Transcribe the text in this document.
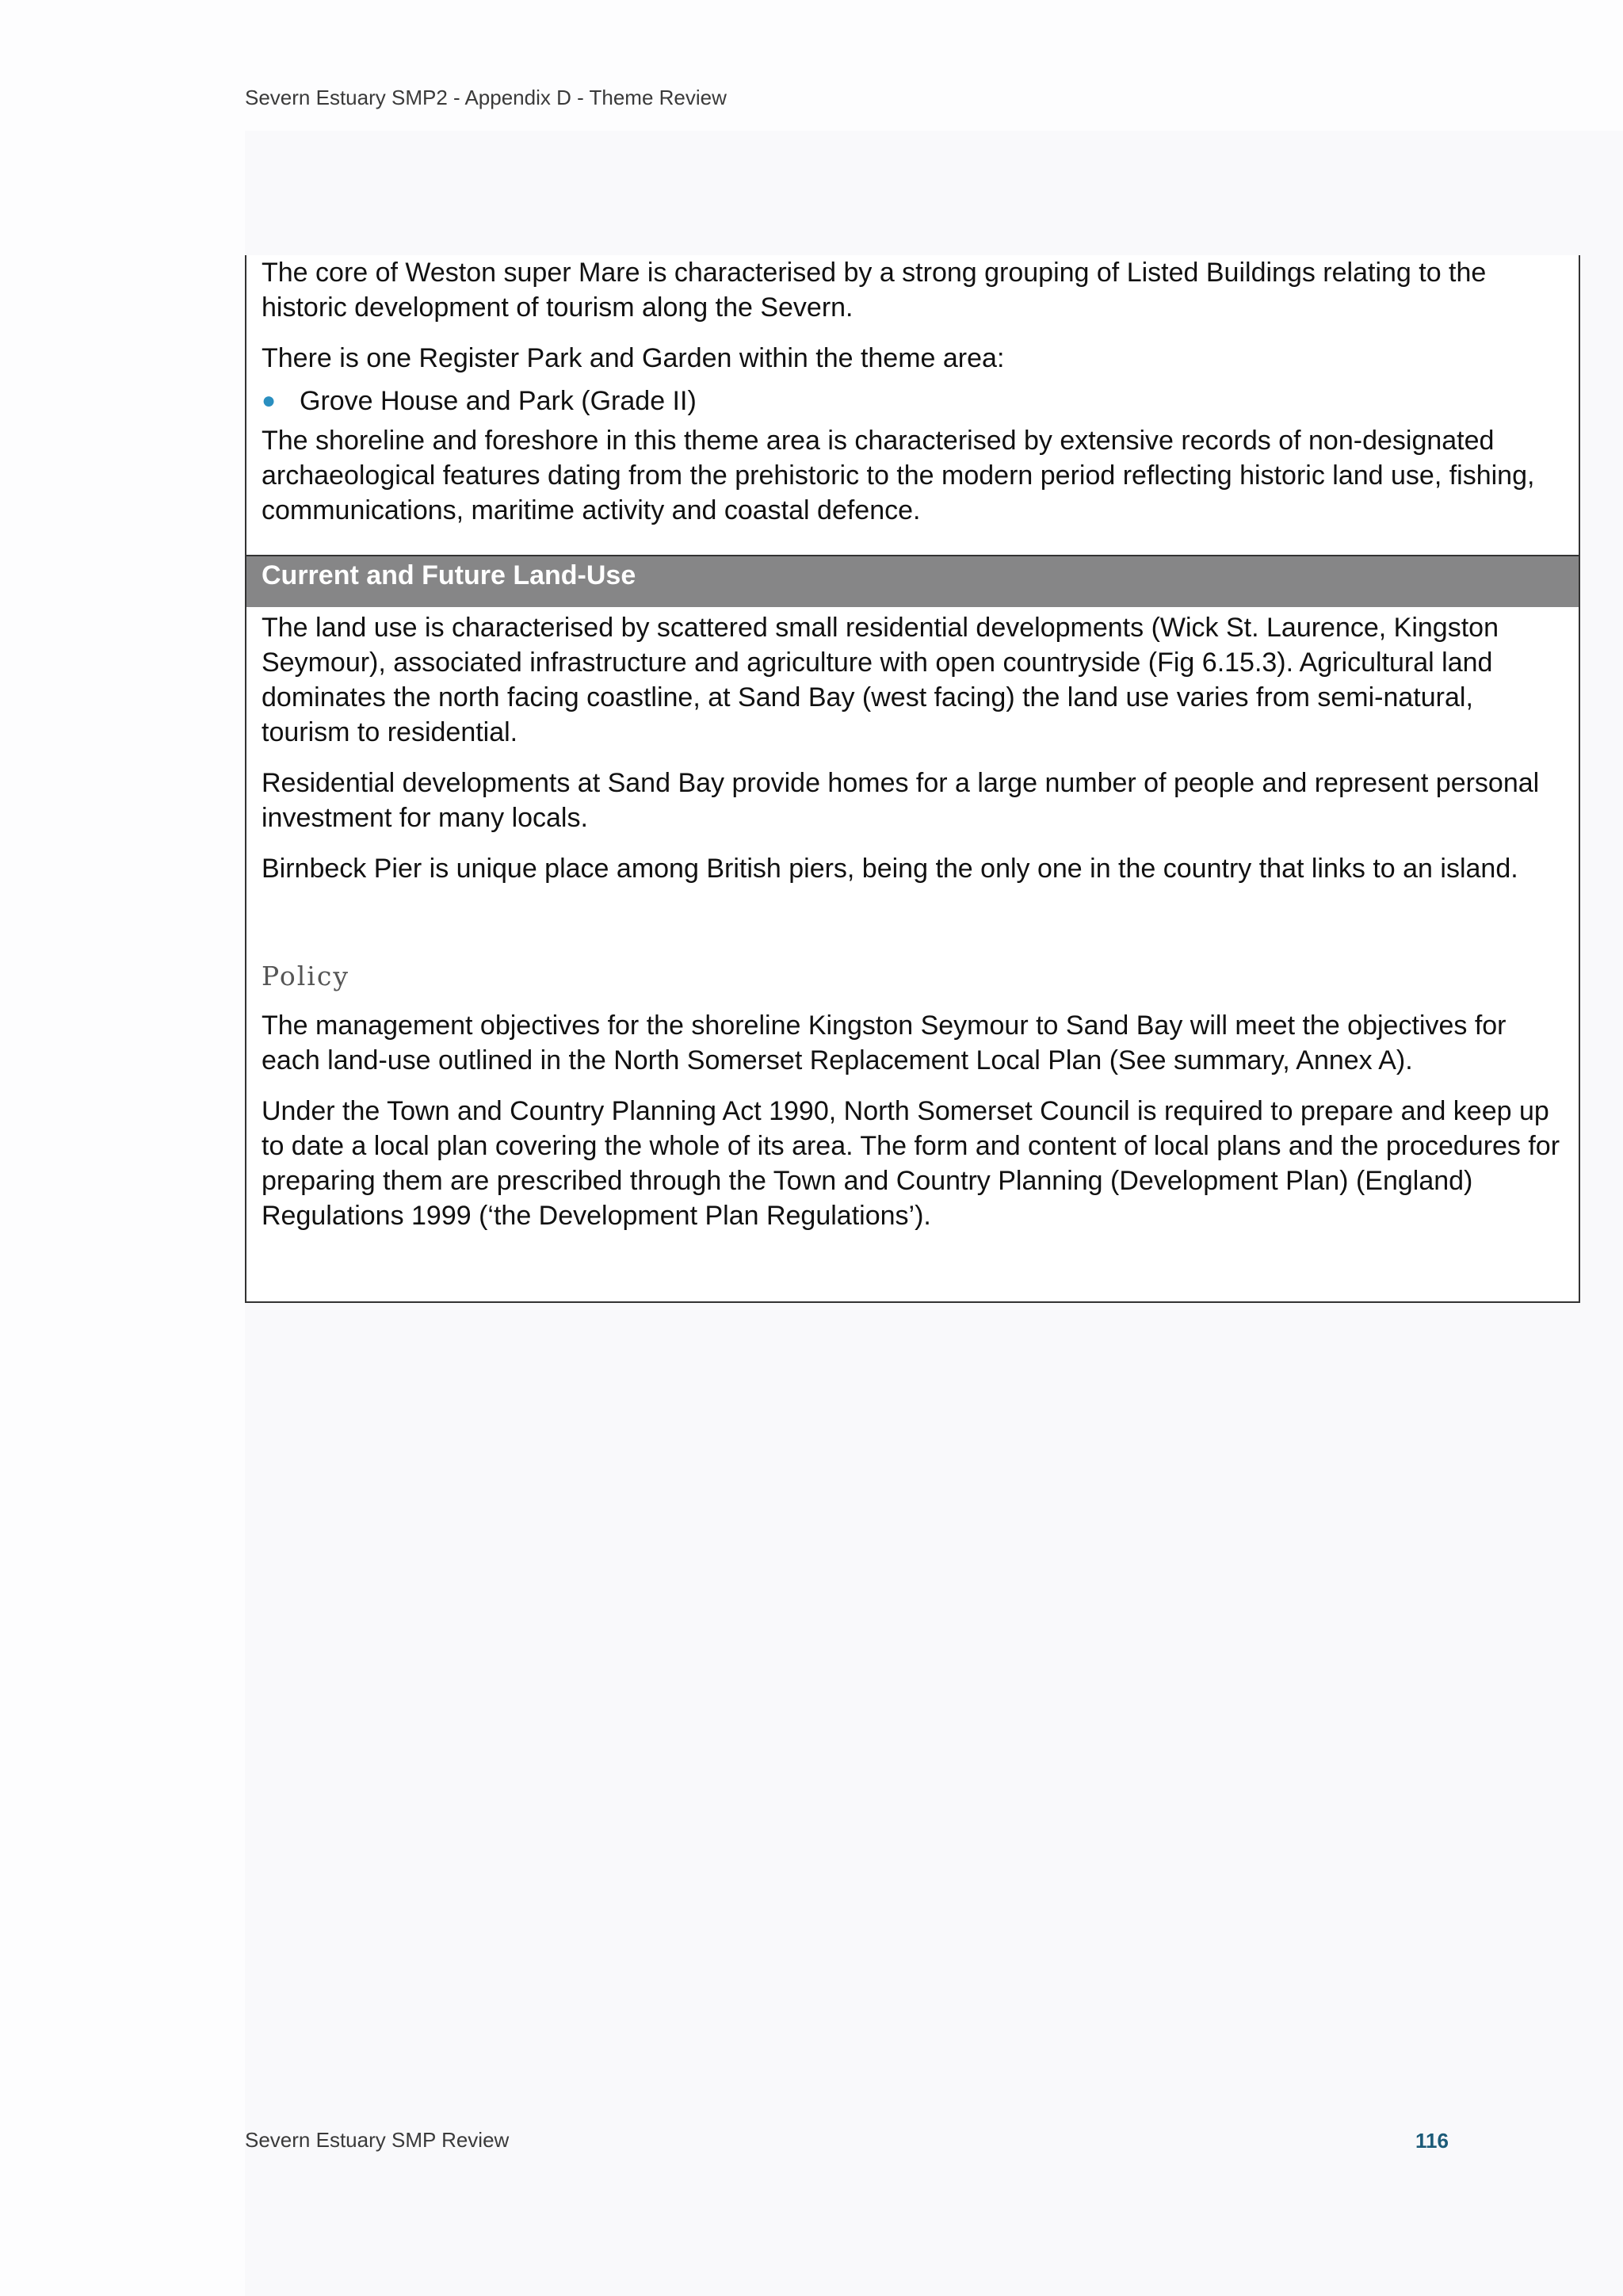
Severn Estuary SMP2 - Appendix D - Theme Review

The core of Weston super Mare is characterised by a strong grouping of Listed Buildings relating to the historic development of tourism along the Severn.

There is one Register Park and Garden within the theme area:

● Grove House and Park (Grade II)

The shoreline and foreshore in this theme area is characterised by extensive records of non-designated archaeological features dating from the prehistoric to the modern period reflecting historic land use, fishing, communications, maritime activity and coastal defence.

Current and Future Land-Use

The land use is characterised by scattered small residential developments (Wick St. Laurence, Kingston Seymour), associated infrastructure and agriculture with open countryside (Fig 6.15.3). Agricultural land dominates the north facing coastline, at Sand Bay (west facing) the land use varies from semi-natural, tourism to residential.

Residential developments at Sand Bay provide homes for a large number of people and represent personal investment for many locals.

Birnbeck Pier is unique place among British piers, being the only one in the country that links to an island.

Policy

The management objectives for the shoreline Kingston Seymour to Sand Bay will meet the objectives for each land-use outlined in the North Somerset Replacement Local Plan (See summary, Annex A).

Under the Town and Country Planning Act 1990, North Somerset Council is required to prepare and keep up to date a local plan covering the whole of its area. The form and content of local plans and the procedures for preparing them are prescribed through the Town and Country Planning (Development Plan) (England) Regulations 1999 (‘the Development Plan Regulations’).

Severn Estuary SMP Review	116
